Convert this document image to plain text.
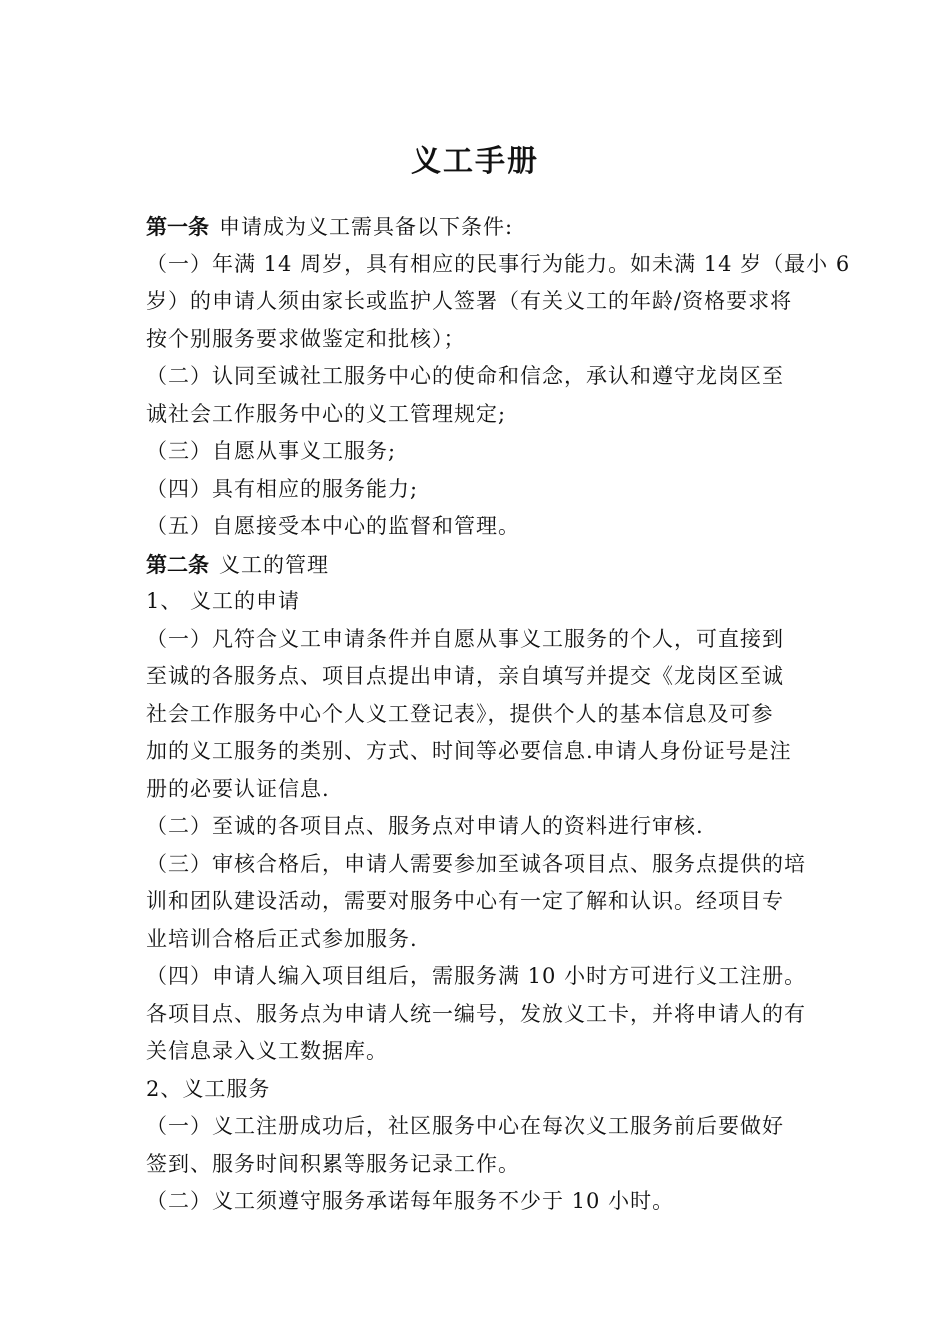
义工手册
第一条 申请成为义工需具备以下条件:
（一）年满 14 周岁，具有相应的民事行为能力。如未满 14 岁（最小 6
岁）的申请人须由家长或监护人签署（有关义工的年龄/资格要求将
按个别服务要求做鉴定和批核）；
（二）认同至诚社工服务中心的使命和信念，承认和遵守龙岗区至
诚社会工作服务中心的义工管理规定;
（三）自愿从事义工服务;
（四）具有相应的服务能力;
（五）自愿接受本中心的监督和管理。
第二条 义工的管理
1、 义工的申请
（一）凡符合义工申请条件并自愿从事义工服务的个人，可直接到
至诚的各服务点、项目点提出申请，亲自填写并提交《龙岗区至诚
社会工作服务中心个人义工登记表》，提供个人的基本信息及可参
加的义工服务的类别、方式、时间等必要信息.申请人身份证号是注
册的必要认证信息.
（二）至诚的各项目点、服务点对申请人的资料进行审核.
（三）审核合格后，申请人需要参加至诚各项目点、服务点提供的培
训和团队建设活动，需要对服务中心有一定了解和认识。经项目专
业培训合格后正式参加服务.
（四）申请人编入项目组后，需服务满 10 小时方可进行义工注册。
各项目点、服务点为申请人统一编号，发放义工卡，并将申请人的有
关信息录入义工数据库。
2、义工服务
（一）义工注册成功后，社区服务中心在每次义工服务前后要做好
签到、服务时间积累等服务记录工作。
（二）义工须遵守服务承诺每年服务不少于 10 小时。
